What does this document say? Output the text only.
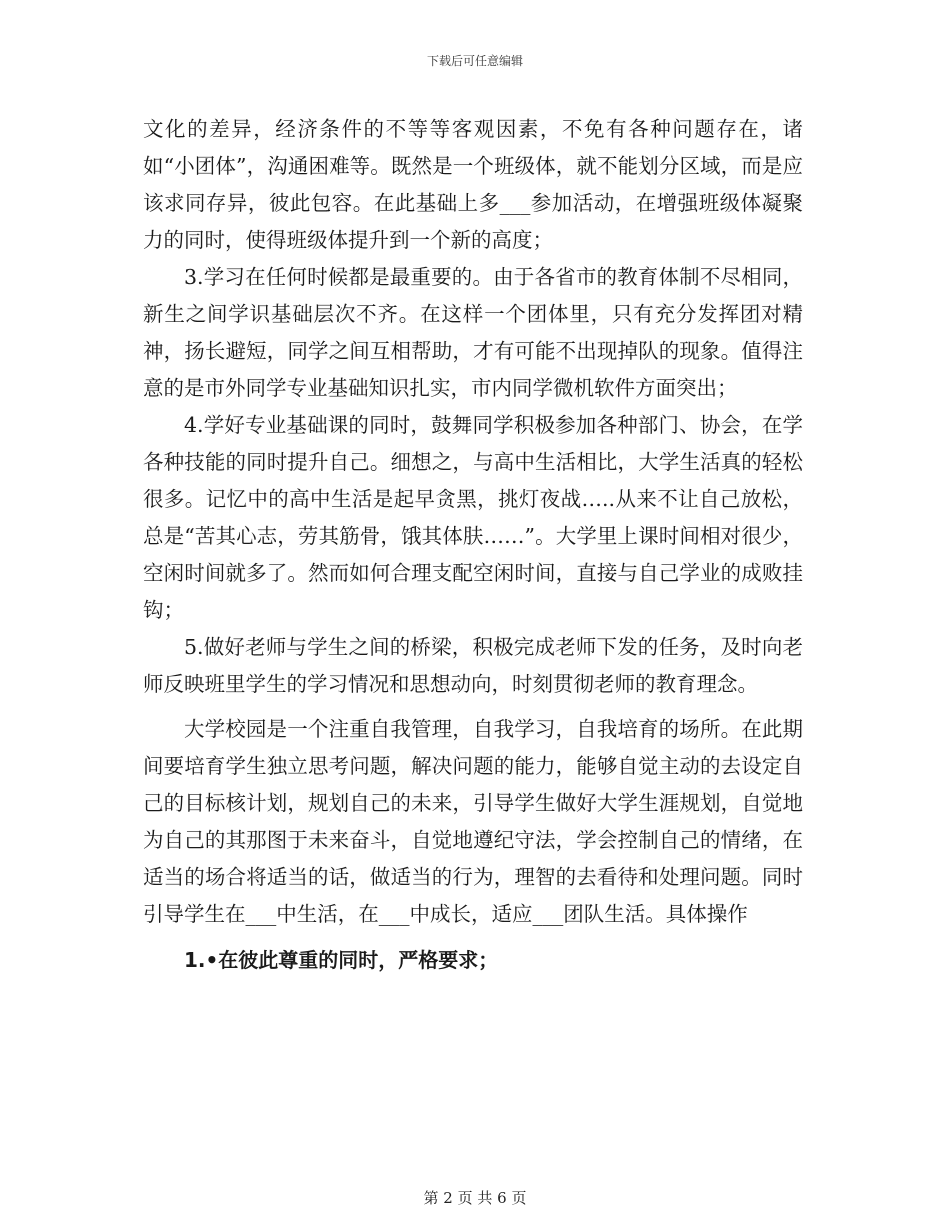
下载后可任意编辑

文化的差异，经济条件的不等等客观因素，不免有各种问题存在，诸如“小团体”，沟通困难等。既然是一个班级体，就不能划分区域，而是应该求同存异，彼此包容。在此基础上多___参加活动，在增强班级体凝聚力的同时，使得班级体提升到一个新的高度；

3.学习在任何时候都是最重要的。由于各省市的教育体制不尽相同，新生之间学识基础层次不齐。在这样一个团体里，只有充分发挥团对精神，扬长避短，同学之间互相帮助，才有可能不出现掉队的现象。值得注意的是市外同学专业基础知识扎实，市内同学微机软件方面突出；

4.学好专业基础课的同时，鼓舞同学积极参加各种部门、协会，在学各种技能的同时提升自己。细想之，与高中生活相比，大学生活真的轻松很多。记忆中的高中生活是起早贪黑，挑灯夜战…..从来不让自己放松，总是“苦其心志，劳其筋骨，饿其体肤……”。大学里上课时间相对很少，空闲时间就多了。然而如何合理支配空闲时间，直接与自己学业的成败挂钩；

5.做好老师与学生之间的桥梁，积极完成老师下发的任务，及时向老师反映班里学生的学习情况和思想动向，时刻贯彻老师的教育理念。

大学校园是一个注重自我管理，自我学习，自我培育的场所。在此期间要培育学生独立思考问题，解决问题的能力，能够自觉主动的去设定自己的目标核计划，规划自己的未来，引导学生做好大学生涯规划，自觉地为自己的其那图于未来奋斗，自觉地遵纪守法，学会控制自己的情绪，在适当的场合将适当的话，做适当的行为，理智的去看待和处理问题。同时引导学生在___中生活，在___中成长，适应___团队生活。具体操作

1.•在彼此尊重的同时，严格要求；

第 2 页 共 6 页
